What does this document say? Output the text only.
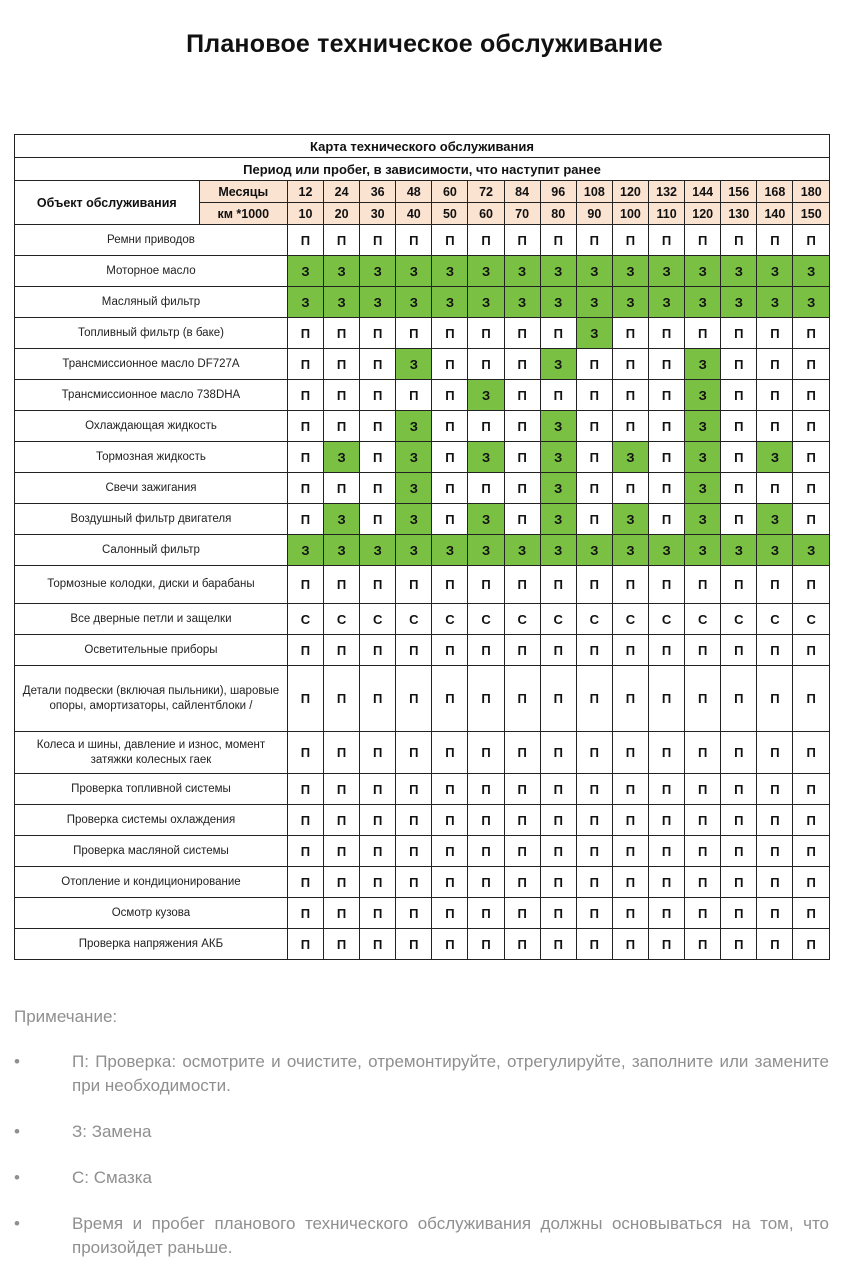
Плановое техническое обслуживание
Карта технического обслуживания																
Период или пробег, в зависимости, что наступит ранее																
Объект обслуживания	Месяцы	12	24	36	48	60	72	84	96	108	120	132	144	156	168	180
	км *1000	10	20	30	40	50	60	70	80	90	100	110	120	130	140	150
Ремни приводов		П	П	П	П	П	П	П	П	П	П	П	П	П	П	П
Моторное масло		З	З	З	З	З	З	З	З	З	З	З	З	З	З	З
Масляный фильтр		З	З	З	З	З	З	З	З	З	З	З	З	З	З	З
Топливный фильтр (в баке)		П	П	П	П	П	П	П	П	З	П	П	П	П	П	П
Трансмиссионное масло DF727A		П	П	П	З	П	П	П	З	П	П	П	З	П	П	П
Трансмиссионное масло 738DHA		П	П	П	П	П	З	П	П	П	П	П	З	П	П	П
Охлаждающая жидкость		П	П	П	З	П	П	П	З	П	П	П	З	П	П	П
Тормозная жидкость		П	З	П	З	П	З	П	З	П	З	П	З	П	З	П
Свечи зажигания		П	П	П	З	П	П	П	З	П	П	П	З	П	П	П
Воздушный фильтр двигателя		П	З	П	З	П	З	П	З	П	З	П	З	П	З	П
Салонный фильтр		З	З	З	З	З	З	З	З	З	З	З	З	З	З	З
Тормозные колодки, диски и барабаны		П	П	П	П	П	П	П	П	П	П	П	П	П	П	П
Все дверные петли и защелки		С	С	С	С	С	С	С	С	С	С	С	С	С	С	С
Осветительные приборы		П	П	П	П	П	П	П	П	П	П	П	П	П	П	П
Детали подвески (включая пыльники), шаровые опоры, амортизаторы, сайлентблоки /		П	П	П	П	П	П	П	П	П	П	П	П	П	П	П
Колеса и шины, давление и износ, момент затяжки колесных гаек		П	П	П	П	П	П	П	П	П	П	П	П	П	П	П
Проверка топливной системы		П	П	П	П	П	П	П	П	П	П	П	П	П	П	П
Проверка системы охлаждения		П	П	П	П	П	П	П	П	П	П	П	П	П	П	П
Проверка масляной системы		П	П	П	П	П	П	П	П	П	П	П	П	П	П	П
Отопление и кондиционирование		П	П	П	П	П	П	П	П	П	П	П	П	П	П	П
Осмотр кузова		П	П	П	П	П	П	П	П	П	П	П	П	П	П	П
Проверка напряжения АКБ		П	П	П	П	П	П	П	П	П	П	П	П	П	П	П
Примечание:
•	П: Проверка: осмотрите и очистите, отремонтируйте, отрегулируйте, заполните или замените при необходимости.
•	З: Замена
•	С: Смазка
•	Время и пробег планового технического обслуживания должны основываться на том, что произойдет раньше.
